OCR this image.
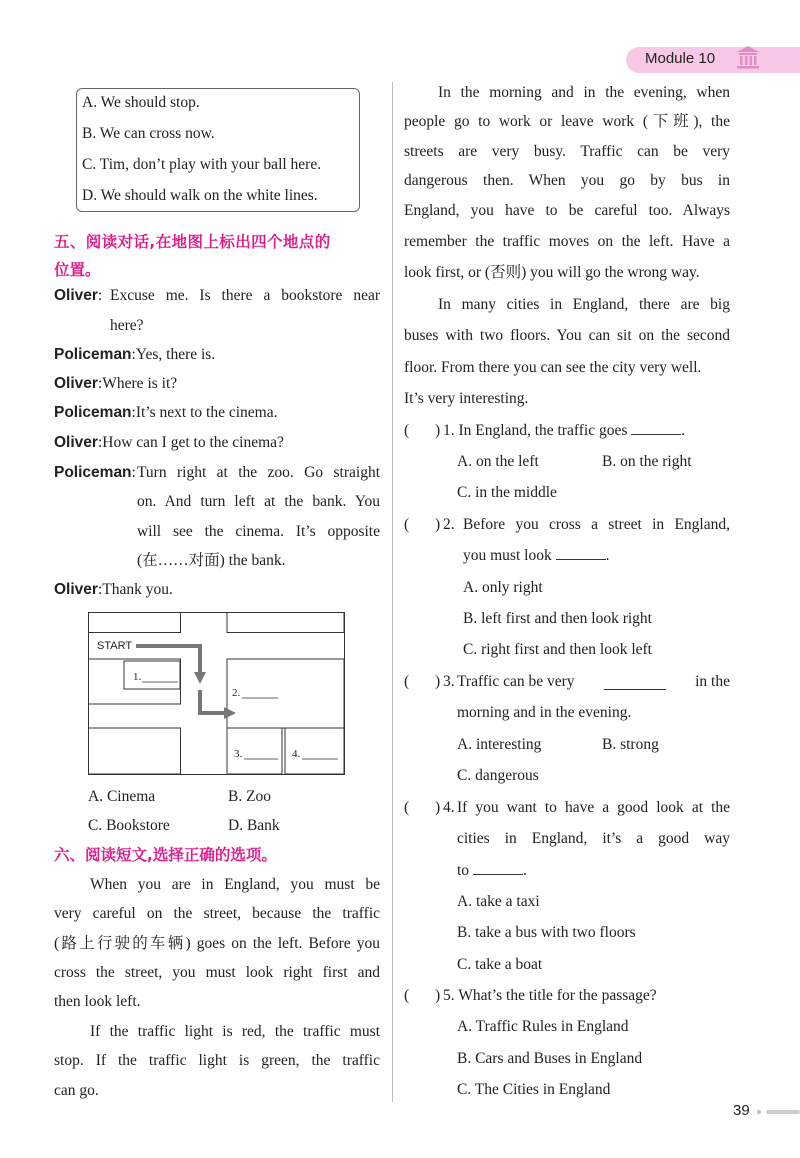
Module 10
A. We should stop.
B. We can cross now.
C. Tim, don’t play with your ball here.
D. We should walk on the white lines.
五、阅读对话,在地图上标出四个地点的
位置。
Oliver: Excuse me. Is there a bookstore near
here?
Policeman:Yes, there is.
Oliver:Where is it?
Policeman:It’s next to the cinema.
Oliver:How can I get to the cinema?
Policeman: Turn right at the zoo. Go straight
on. And turn left at the bank. You
will see the cinema. It’s opposite
(在……对面) the bank.
Oliver:Thank you.
START
1.
2.
3.	4.
A. Cinema	B. Zoo
C. Bookstore	D. Bank
六、阅读短文,选择正确的选项。
When you are in England, you must be
very careful on the street, because the traffic
(路上行驶的车辆) goes on the left. Before you
cross the street, you must look right first and
then look left.
If the traffic light is red, the traffic must
stop. If the traffic light is green, the traffic
can go.
In the morning and in the evening, when
people go to work or leave work (下班), the
streets are very busy. Traffic can be very
dangerous then. When you go by bus in
England, you have to be careful too. Always
remember the traffic moves on the left. Have a
look first, or (否则) you will go the wrong way.
In many cities in England, there are big
buses with two floors. You can sit on the second
floor. From there you can see the city very well.
It’s very interesting.
( ) 1. In England, the traffic goes	.
A. on the left	B. on the right
C. in the middle
( ) 2. Before you cross a street in England,
you must look	.
A. only right
B. left first and then look right
C. right first and then look left
( ) 3. Traffic can be very	in the
morning and in the evening.
A. interesting	B. strong
C. dangerous
( ) 4. If you want to have a good look at the
cities in England, it’s a good way
to	.
A. take a taxi
B. take a bus with two floors
C. take a boat
( ) 5. What’s the title for the passage?
A. Traffic Rules in England
B. Cars and Buses in England
C. The Cities in England
39
